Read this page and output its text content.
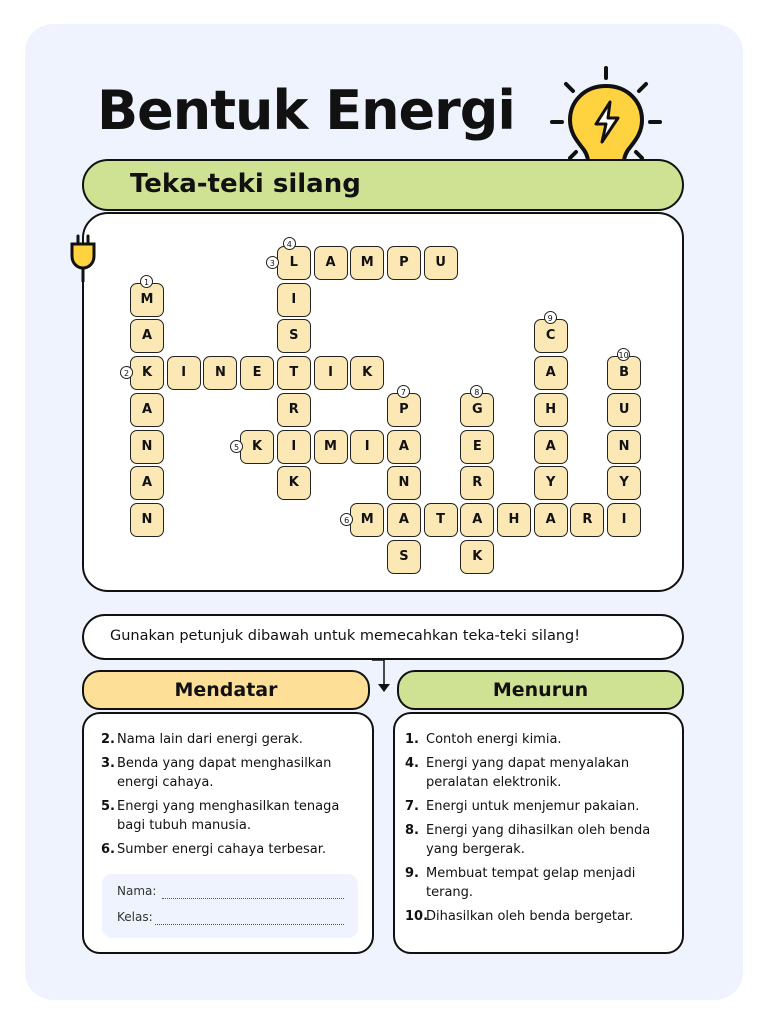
Bentuk Energi
Teka-teki silang
M
A
K
A
N
A
N
I	N	E	T	I	K
L	A	M	P	U
I
S
R
I
K
K	M	I	A
M	A	T	A	H	A	R	I
P
N
S
G
E
R
K
C
A
H
A
Y
B
U
N
Y
1
2
3
4
5
6
7	8
9
10
Gunakan petunjuk dibawah untuk memecahkan teka-teki silang!
Mendatar	Menurun
2. Nama lain dari energi gerak.
3. Benda yang dapat menghasilkan energi cahaya.
5. Energi yang menghasilkan tenaga bagi tubuh manusia.
6. Sumber energi cahaya terbesar.
Nama:
Kelas:
1. Contoh energi kimia.
4. Energi yang dapat menyalakan peralatan elektronik.
7. Energi untuk menjemur pakaian.
8. Energi yang dihasilkan oleh benda yang bergerak.
9. Membuat tempat gelap menjadi terang.
10.
Dihasilkan oleh benda bergetar.
